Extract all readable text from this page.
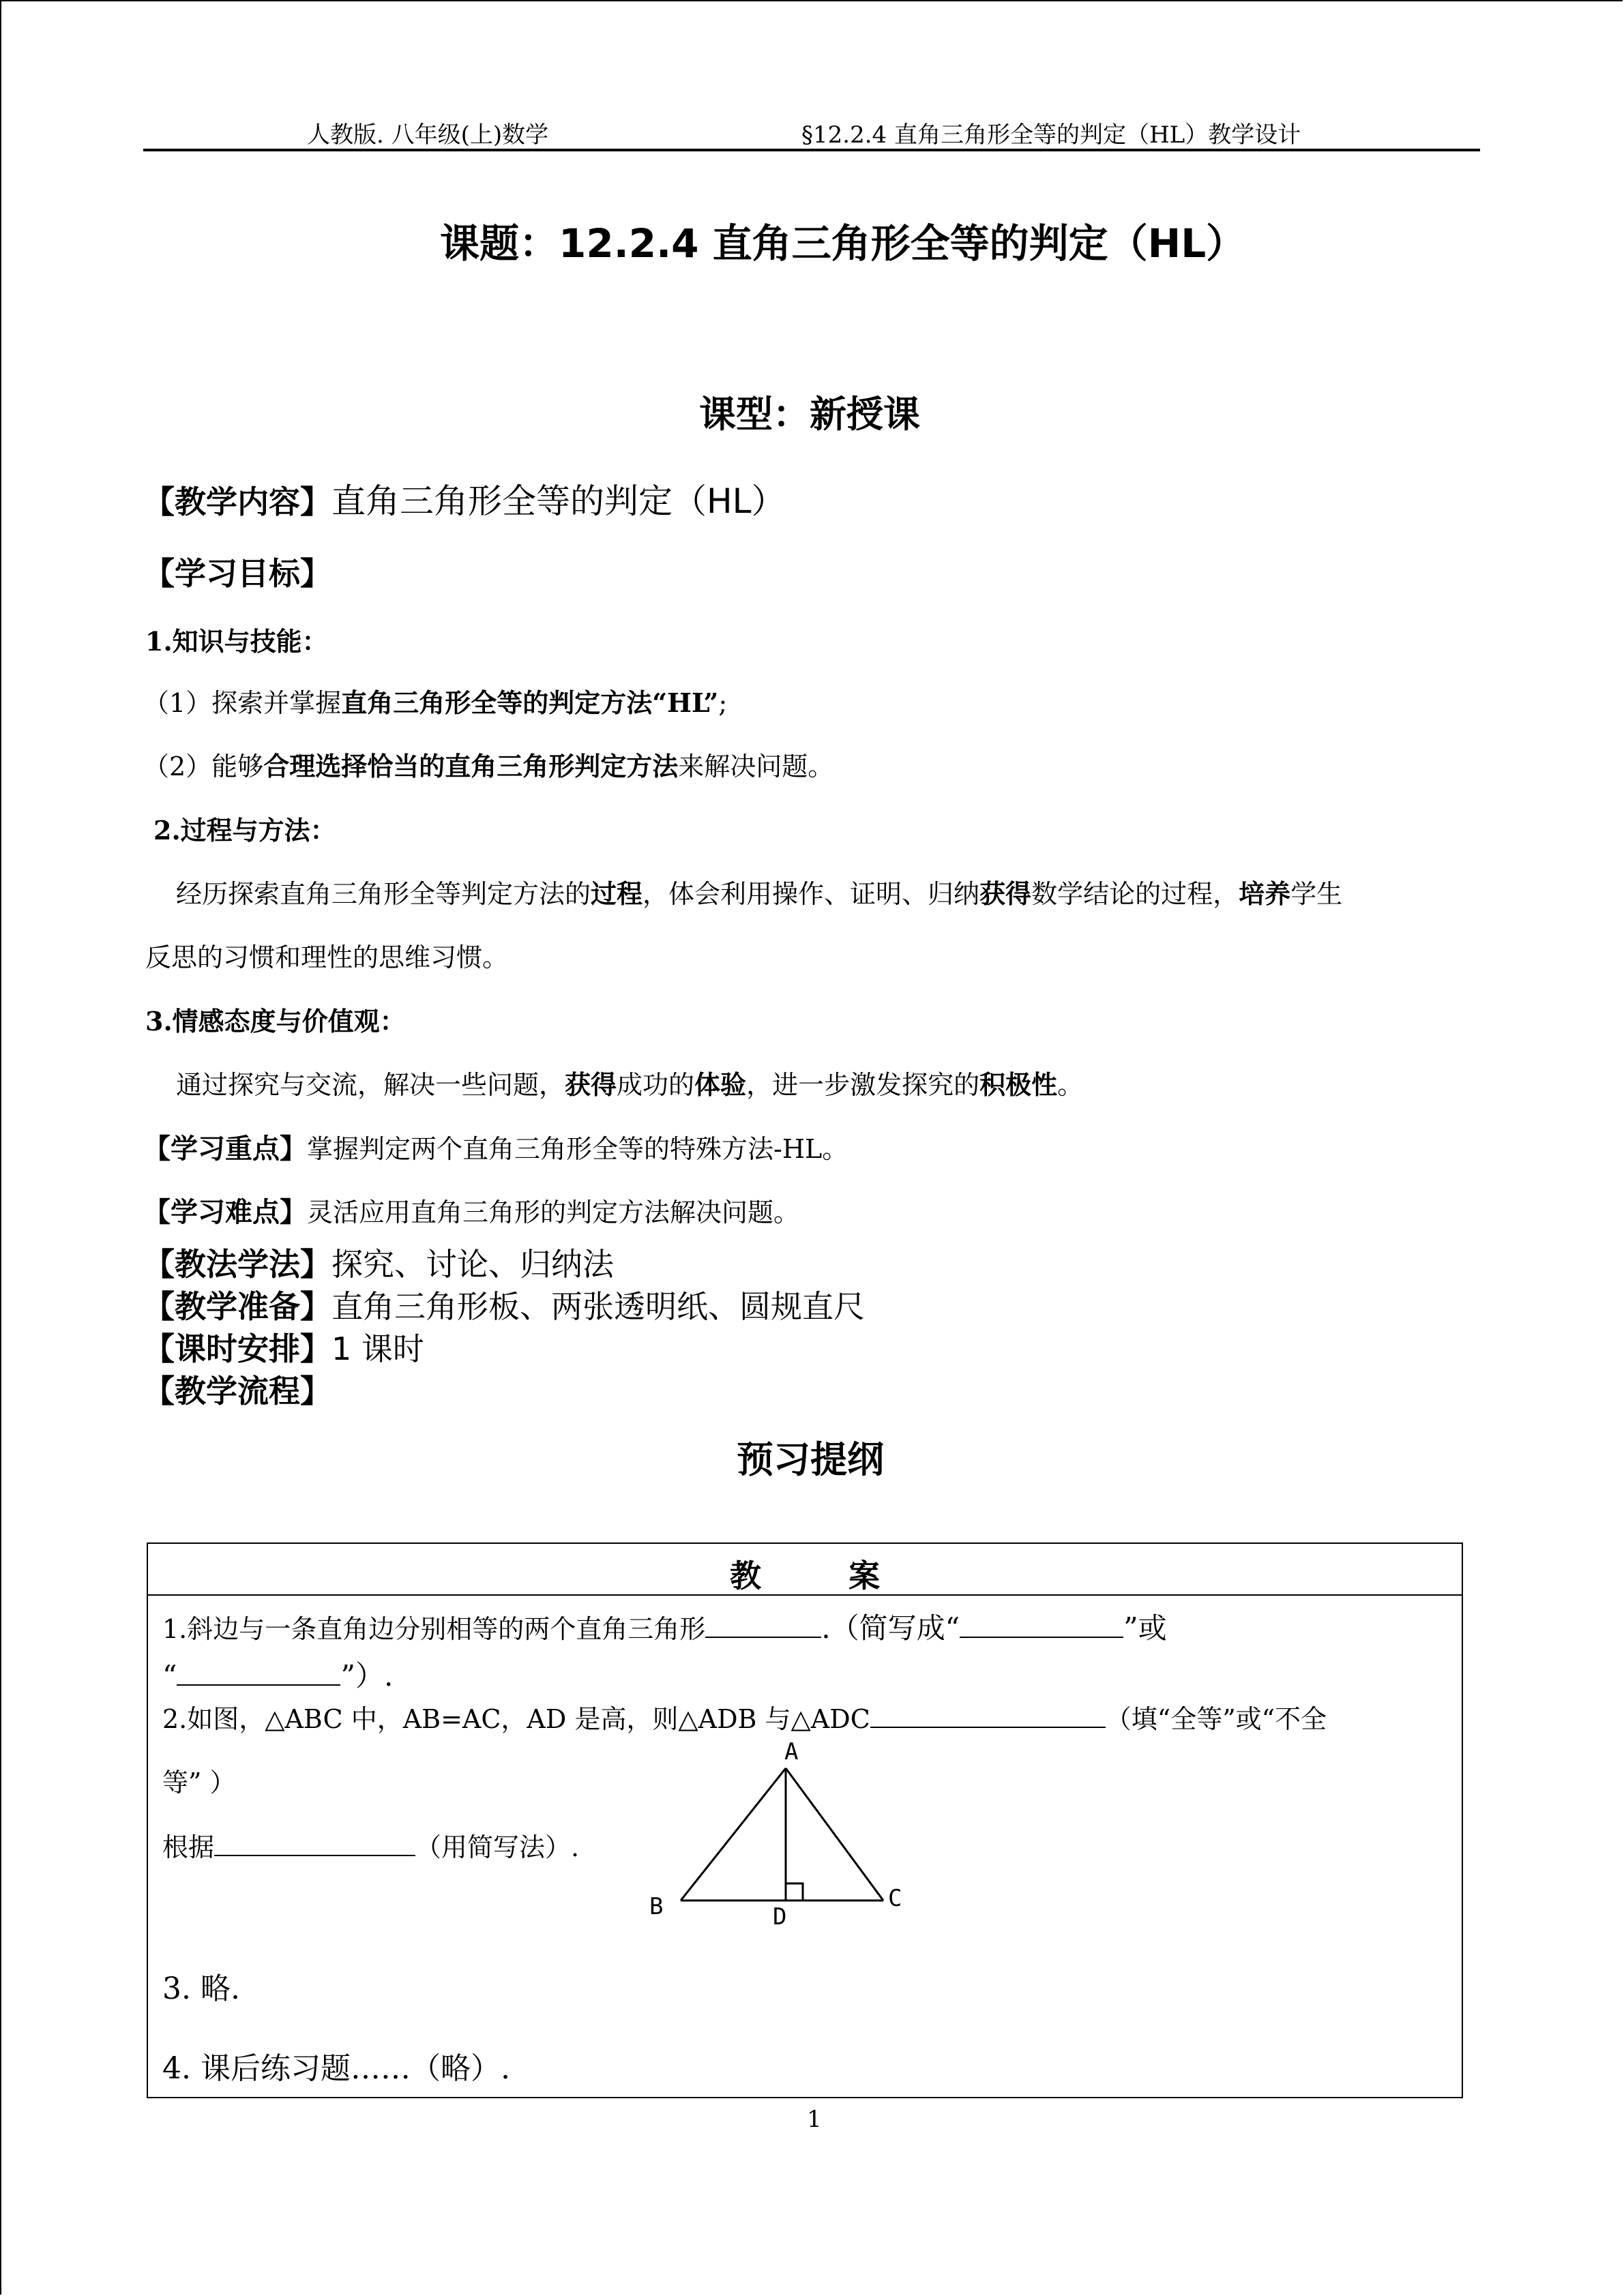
人教版. 八年级(上)数学	§12.2.4 直角三角形全等的判定（HL）教学设计
课题：12.2.4 直角三角形全等的判定（HL）
课型：新授课
【教学内容】直角三角形全等的判定（HL）
【学习目标】
1.知识与技能：
（1）探索并掌握直角三角形全等的判定方法“HL”;
（2）能够合理选择恰当的直角三角形判定方法来解决问题。
2.过程与方法：
经历探索直角三角形全等判定方法的过程，体会利用操作、证明、归纳获得数学结论的过程，培养学生
反思的习惯和理性的思维习惯。
3.情感态度与价值观：
通过探究与交流，解决一些问题，获得成功的体验，进一步激发探究的积极性。
【学习重点】掌握判定两个直角三角形全等的特殊方法-HL。
【学习难点】灵活应用直角三角形的判定方法解决问题。
【教法学法】探究、讨论、归纳法
【教学准备】直角三角形板、两张透明纸、圆规直尺
【课时安排】1 课时
【教学流程】
预习提纲
教        案
1.斜边与一条直角边分别相等的两个直角三角形	.（简写成“	”或
“	”）.
2.如图，△ABC 中，AB=AC，AD 是高，则△ADB 与△ADC	（填“全等”或“不全
等” ）
根据	（用简写法）.
A
B	C
D
3. 略.
4. 课后练习题……（略）.
1
